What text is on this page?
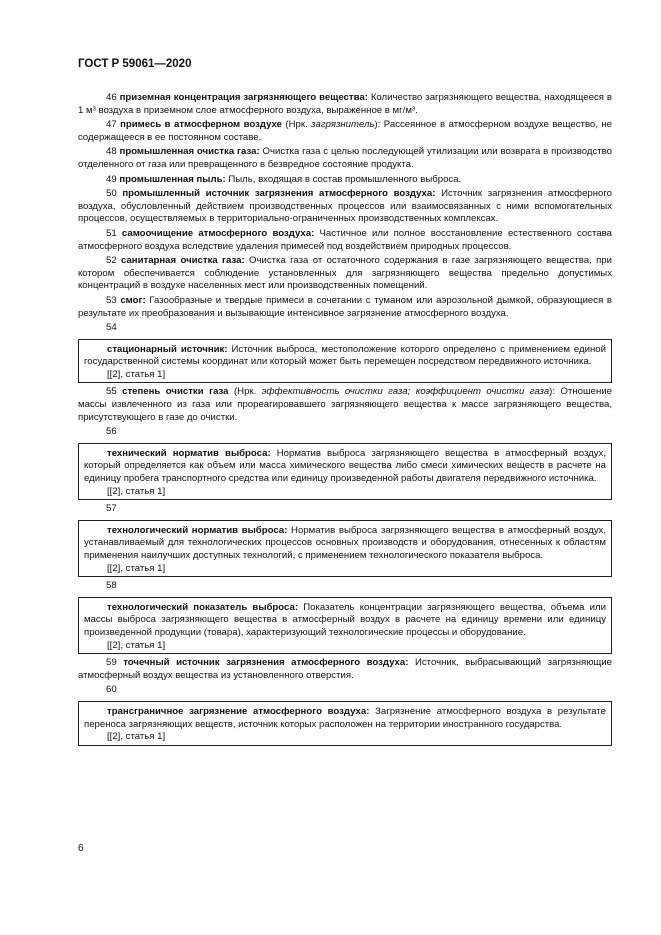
ГОСТ Р 59061—2020

46 приземная концентрация загрязняющего вещества: Количество загрязняющего вещества, находящееся в 1 м³ воздуха в приземном слое атмосферного воздуха, выраженное в мг/м³.

47 примесь в атмосферном воздухе (Нрк. загрязнитель): Рассеянное в атмосферном воздухе вещество, не содержащееся в ее постоянном составе.

48 промышленная очистка газа: Очистка газа с целью последующей утилизации или возврата в производство отделенного от газа или превращенного в безвредное состояние продукта.

49 промышленная пыль: Пыль, входящая в состав промышленного выброса.

50 промышленный источник загрязнения атмосферного воздуха: Источник загрязнения атмосферного воздуха, обусловленный действием производственных процессов или взаимосвязанных с ними вспомогательных процессов, осуществляемых в территориально-ограниченных производственных комплексах.

51 самоочищение атмосферного воздуха: Частичное или полное восстановление естественного состава атмосферного воздуха вследствие удаления примесей под воздействием природных процессов.

52 санитарная очистка газа: Очистка газа от остаточного содержания в газе загрязняющего вещества, при котором обеспечивается соблюдение установленных для загрязняющего вещества предельно допустимых концентраций в воздухе населенных мест или производственных помещений.

53 смог: Газообразные и твердые примеси в сочетании с туманом или аэрозольной дымкой, образующиеся в результате их преобразования и вызывающие интенсивное загрязнение атмосферного воздуха.

54

стационарный источник: Источник выброса, местоположение которого определено с применением единой государственной системы координат или который может быть перемещен посредством передвижного источника.

[[2], статья 1]

55 степень очистки газа (Нрк. эффективность очистки газа; коэффициент очистки газа): Отношение массы извлеченного из газа или прореагировавшего загрязняющего вещества к массе загрязняющего вещества, присутствующего в газе до очистки.

56

технический норматив выброса: Норматив выброса загрязняющего вещества в атмосферный воздух, который определяется как объем или масса химического вещества либо смеси химических веществ в расчете на единицу пробега транспортного средства или единицу произведенной работы двигателя передвижного источника.

[[2], статья 1]

57

технологический норматив выброса: Норматив выброса загрязняющего вещества в атмосферный воздух, устанавливаемый для технологических процессов основных производств и оборудования, отнесенных к областям применения наилучших доступных технологий, с применением технологического показателя выброса.

[[2], статья 1]

58

технологический показатель выброса: Показатель концентрации загрязняющего вещества, объема или массы выброса загрязняющего вещества в атмосферный воздух в расчете на единицу времени или единицу произведенной продукции (товара), характеризующий технологические процессы и оборудование.

[[2], статья 1]

59 точечный источник загрязнения атмосферного воздуха: Источник, выбрасывающий загрязняющие атмосферный воздух вещества из установленного отверстия.

60

трансграничное загрязнение атмосферного воздуха: Загрязнение атмосферного воздуха в результате переноса загрязняющих веществ, источник которых расположен на территории иностранного государства.

[[2], статья 1]

6
